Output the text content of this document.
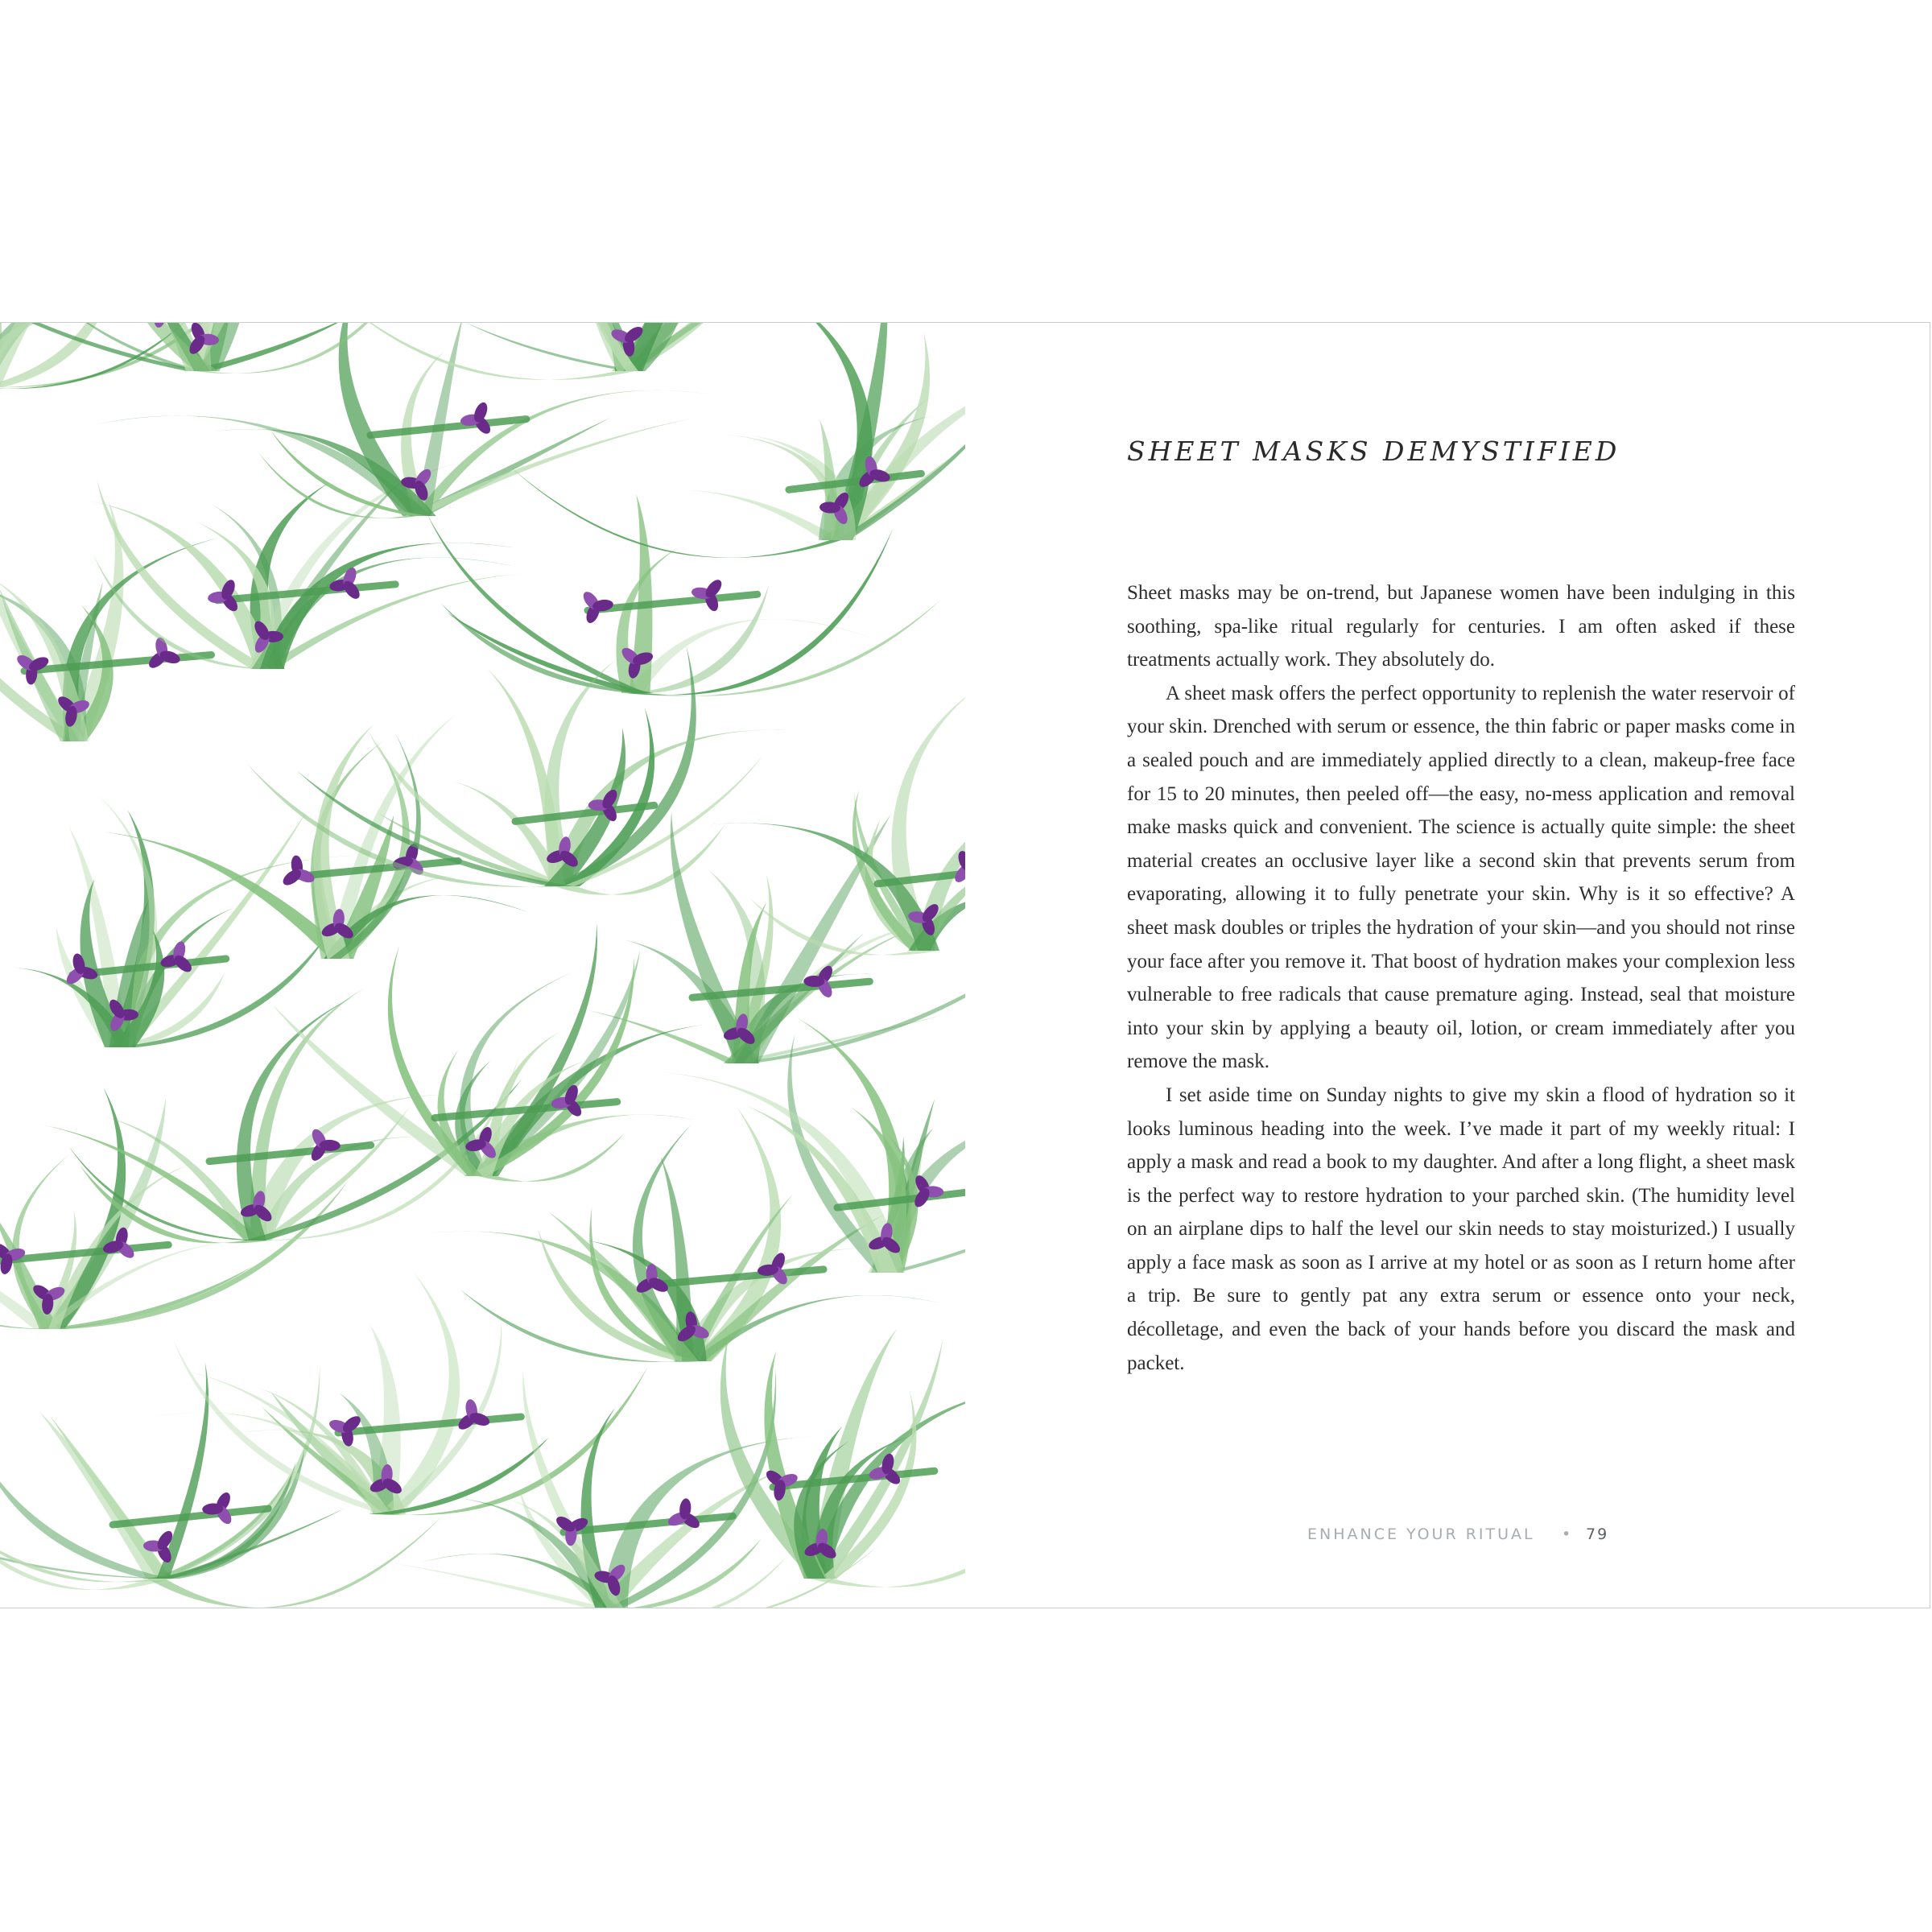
SHEET MASKS DEMYSTIFIED

Sheet masks may be on-trend, but Japanese women have been indulging in this soothing, spa-like ritual regularly for centuries. I am often asked if these treatments actually work. They absolutely do.

A sheet mask offers the perfect opportunity to replenish the water reservoir of your skin. Drenched with serum or essence, the thin fabric or paper masks come in a sealed pouch and are immediately applied directly to a clean, makeup-free face for 15 to 20 minutes, then peeled off—the easy, no-mess application and removal make masks quick and convenient. The science is actually quite simple: the sheet material creates an occlusive layer like a second skin that prevents serum from evaporating, allowing it to fully penetrate your skin. Why is it so effective? A sheet mask doubles or triples the hydration of your skin—and you should not rinse your face after you remove it. That boost of hydration makes your complexion less vulnerable to free radicals that cause premature aging. Instead, seal that moisture into your skin by applying a beauty oil, lotion, or cream immediately after you remove the mask.

I set aside time on Sunday nights to give my skin a flood of hydration so it looks luminous heading into the week. I’ve made it part of my weekly ritual: I apply a mask and read a book to my daughter. And after a long flight, a sheet mask is the perfect way to restore hydration to your parched skin. (The humidity level on an airplane dips to half the level our skin needs to stay moisturized.) I usually apply a face mask as soon as I arrive at my hotel or as soon as I return home after a trip. Be sure to gently pat any extra serum or essence onto your neck, décolletage, and even the back of your hands before you discard the mask and packet.

ENHANCE YOUR RITUAL • 79
